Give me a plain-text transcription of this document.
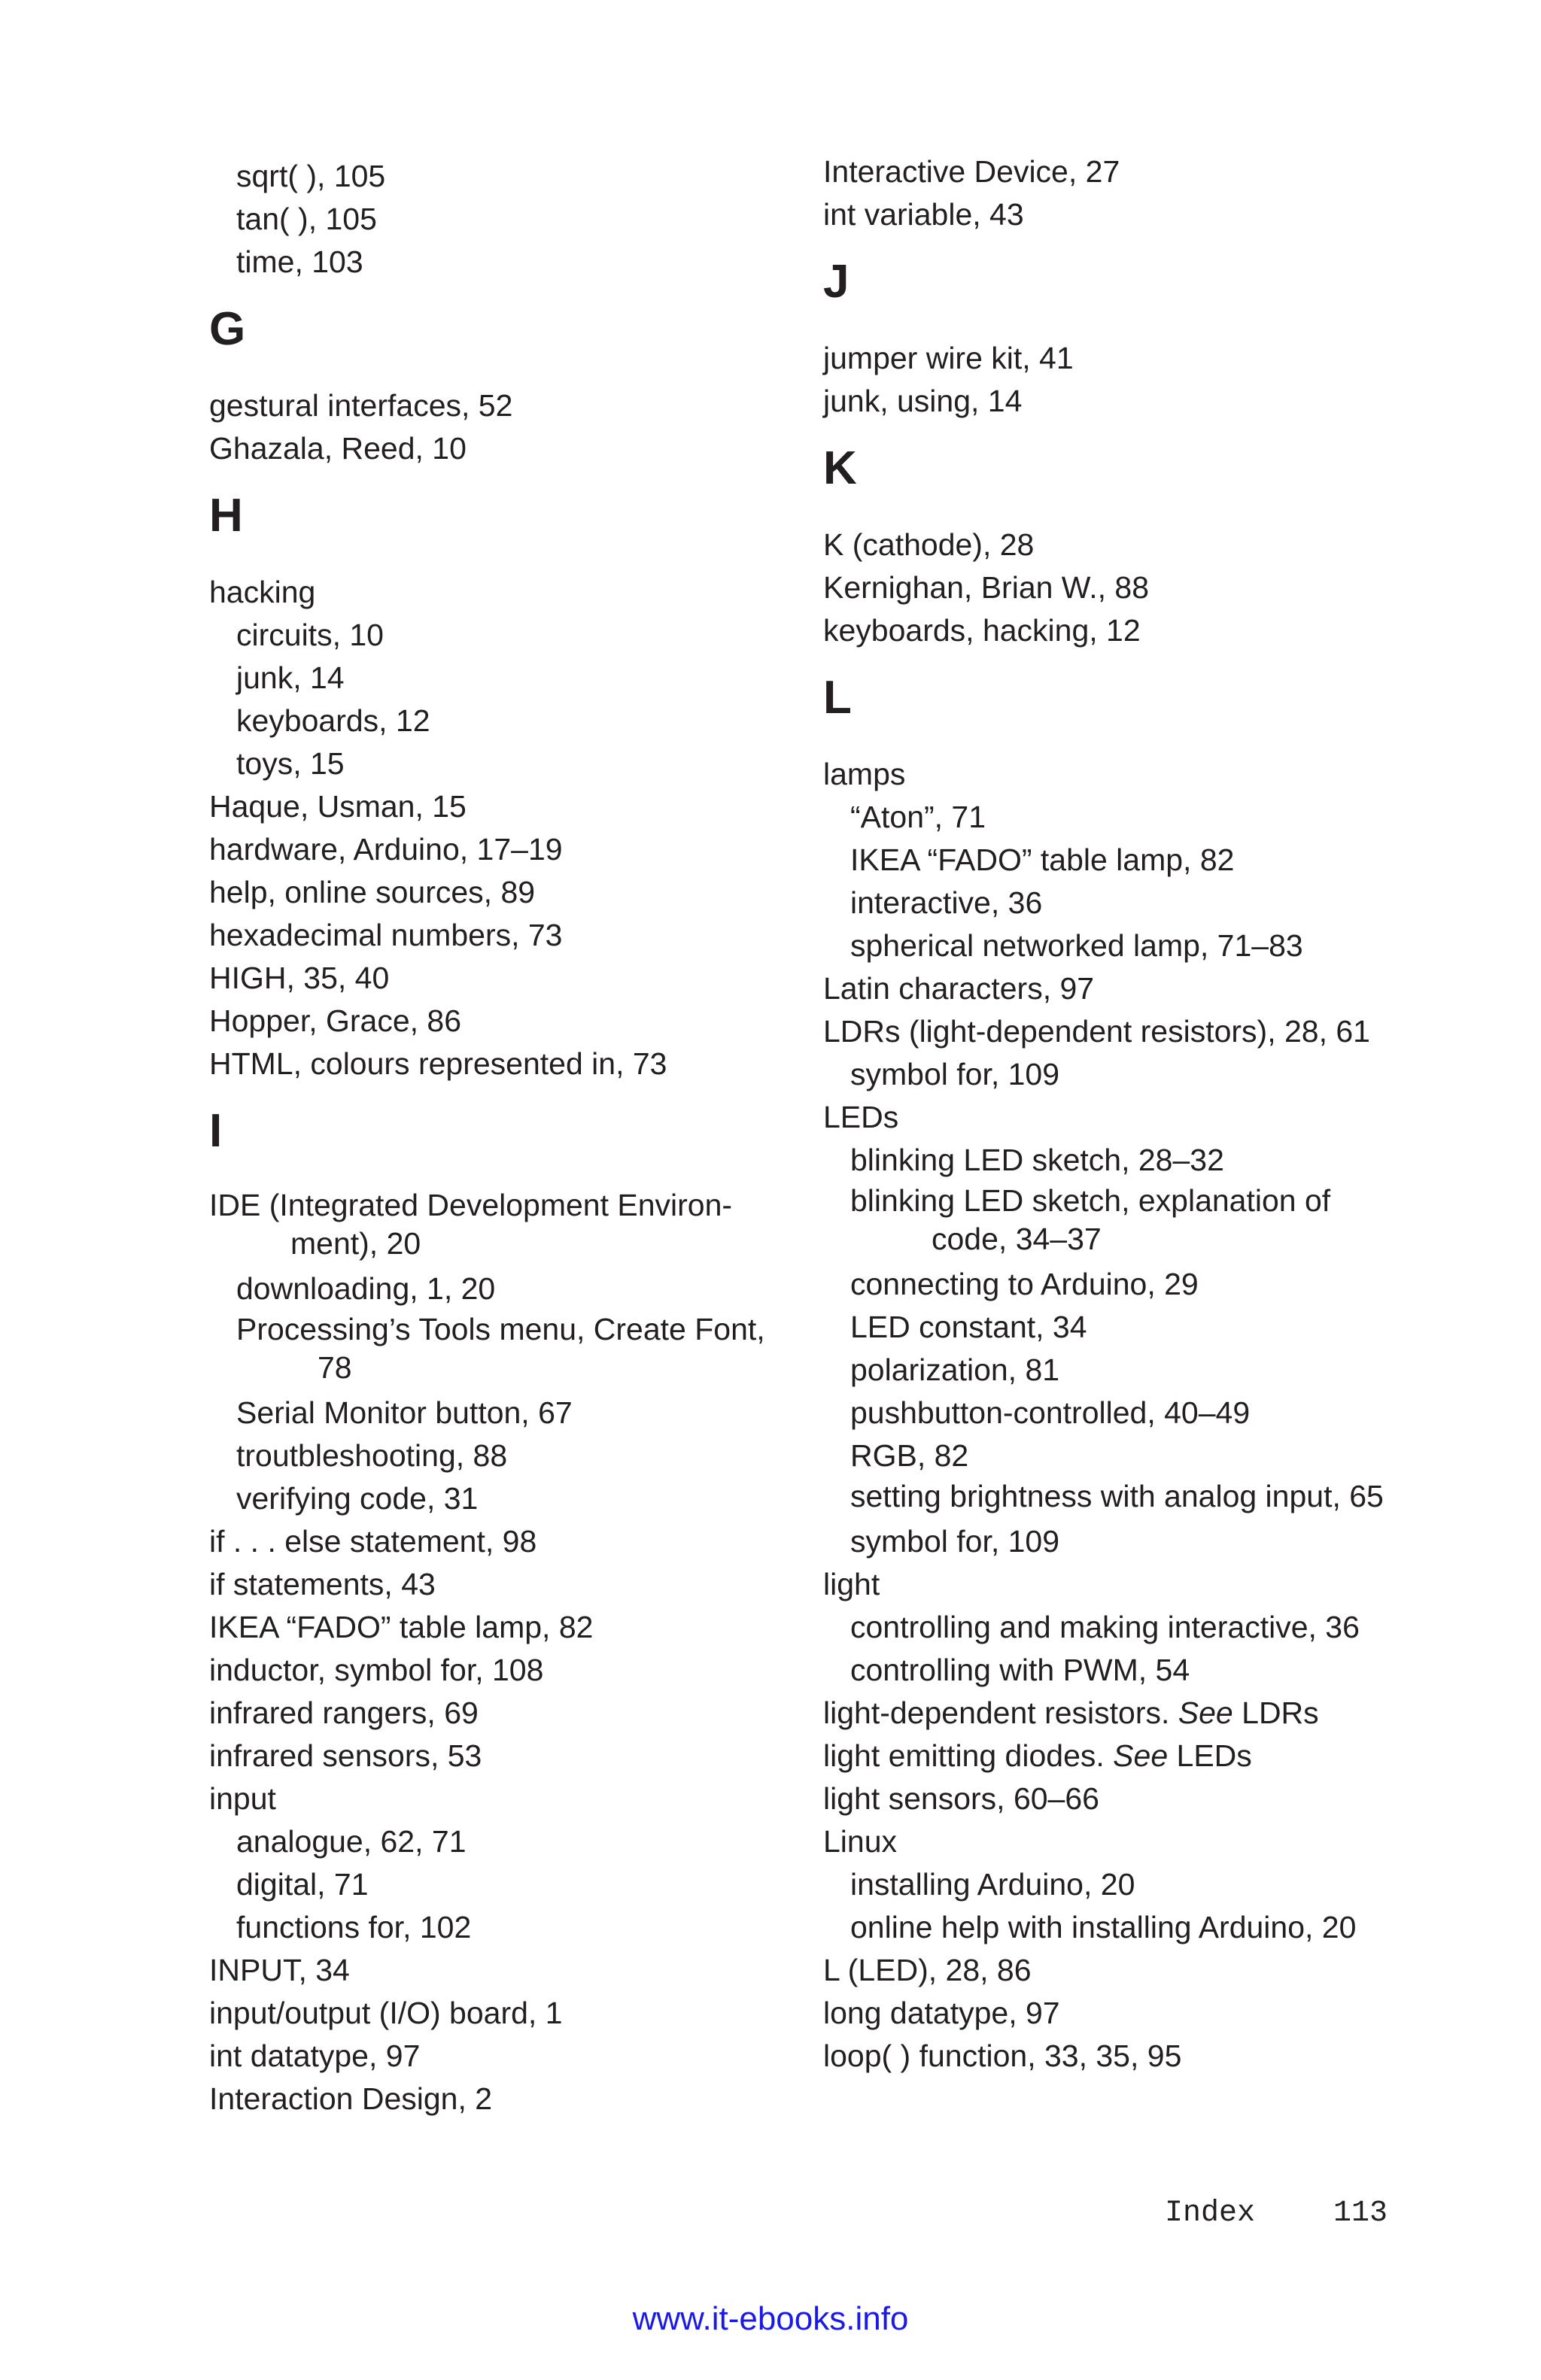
sqrt( ), 105
tan( ), 105
time, 103
G
gestural interfaces, 52
Ghazala, Reed, 10
H
hacking
circuits, 10
junk, 14
keyboards, 12
toys, 15
Haque, Usman, 15
hardware, Arduino, 17–19
help, online sources, 89
hexadecimal numbers, 73
HIGH, 35, 40
Hopper, Grace, 86
HTML, colours represented in, 73
I
IDE (Integrated Development Environ-ment), 20
downloading, 1, 20
Processing’s Tools menu, Create Font, 78
Serial Monitor button, 67
troutbleshooting, 88
verifying code, 31
if . . . else statement, 98
if statements, 43
IKEA “FADO” table lamp, 82
inductor, symbol for, 108
infrared rangers, 69
infrared sensors, 53
input
analogue, 62, 71
digital, 71
functions for, 102
INPUT, 34
input/output (I/O) board, 1
int datatype, 97
Interaction Design, 2
Interactive Device, 27
int variable, 43
J
jumper wire kit, 41
junk, using, 14
K
K (cathode), 28
Kernighan, Brian W., 88
keyboards, hacking, 12
L
lamps
“Aton”, 71
IKEA “FADO” table lamp, 82
interactive, 36
spherical networked lamp, 71–83
Latin characters, 97
LDRs (light-dependent resistors), 28, 61
symbol for, 109
LEDs
blinking LED sketch, 28–32
blinking LED sketch, explanation of code, 34–37
connecting to Arduino, 29
LED constant, 34
polarization, 81
pushbutton-controlled, 40–49
RGB, 82
setting brightness with analog input, 65
symbol for, 109
light
controlling and making interactive, 36
controlling with PWM, 54
light-dependent resistors. See LDRs
light emitting diodes. See LEDs
light sensors, 60–66
Linux
installing Arduino, 20
online help with installing Arduino, 20
L (LED), 28, 86
long datatype, 97
loop( ) function, 33, 35, 95
Index	113
www.it-ebooks.info
